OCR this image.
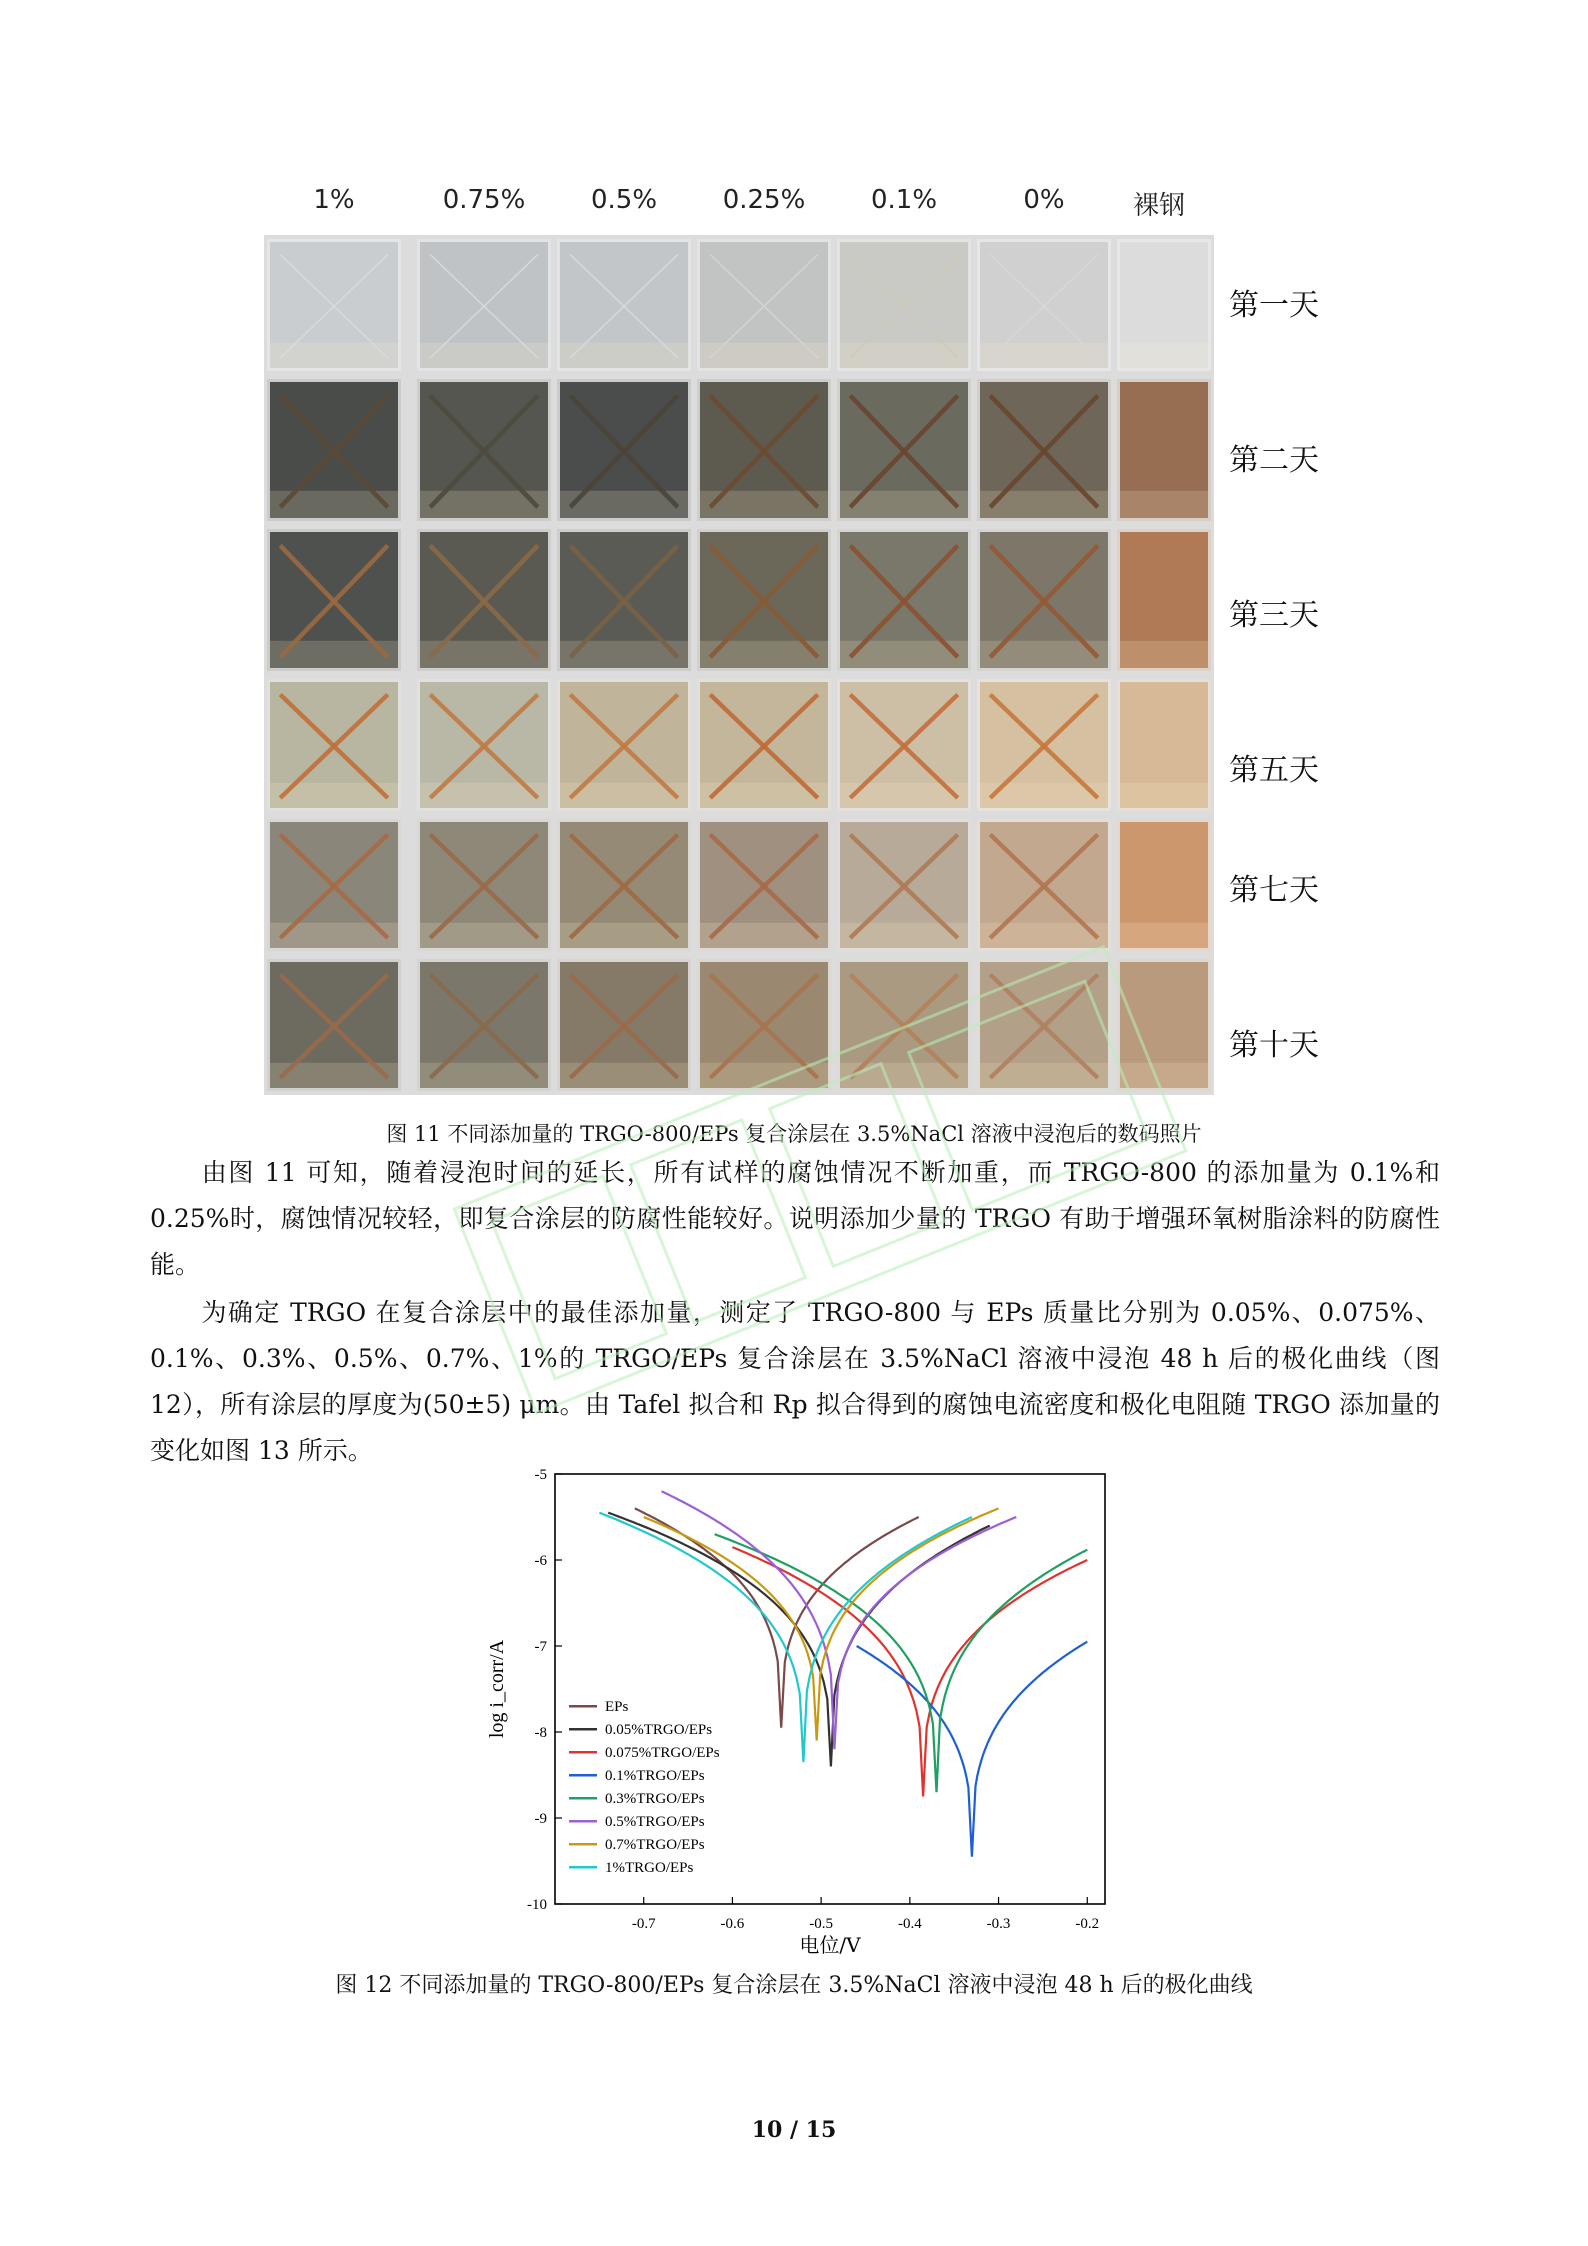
1%	0.75%	0.5%	0.25%	0.1%	0%	裸钢
第一天
第二天
第三天
第五天
第七天
第十天
图 11 不同添加量的 TRGO-800/EPs 复合涂层在 3.5%NaCl 溶液中浸泡后的数码照片
由图 11 可知，随着浸泡时间的延长，所有试样的腐蚀情况不断加重，而 TRGO-800 的添加量为 0.1%和 0.25%时，腐蚀情况较轻，即复合涂层的防腐性能较好。说明添加少量的 TRGO 有助于增强环氧树脂涂料的防腐性能。
为确定 TRGO 在复合涂层中的最佳添加量，测定了 TRGO-800 与 EPs 质量比分别为 0.05%、0.075%、0.1%、0.3%、0.5%、0.7%、1%的 TRGO/EPs 复合涂层在 3.5%NaCl 溶液中浸泡 48 h 后的极化曲线（图 12），所有涂层的厚度为(50±5) μm。由 Tafel 拟合和 Rp 拟合得到的腐蚀电流密度和极化电阻随 TRGO 添加量的变化如图 13 所示。
-0.7	-0.6	-0.5	-0.4	-0.3	-0.2
-10
-9
-8
-7
-6
-5
电位/V
log i_corr/A	EPs
0.05%TRGO/EPs
0.075%TRGO/EPs
0.1%TRGO/EPs
0.3%TRGO/EPs
0.5%TRGO/EPs
0.7%TRGO/EPs
1%TRGO/EPs
图 12 不同添加量的 TRGO-800/EPs 复合涂层在 3.5%NaCl 溶液中浸泡 48 h 后的极化曲线
10 / 15
